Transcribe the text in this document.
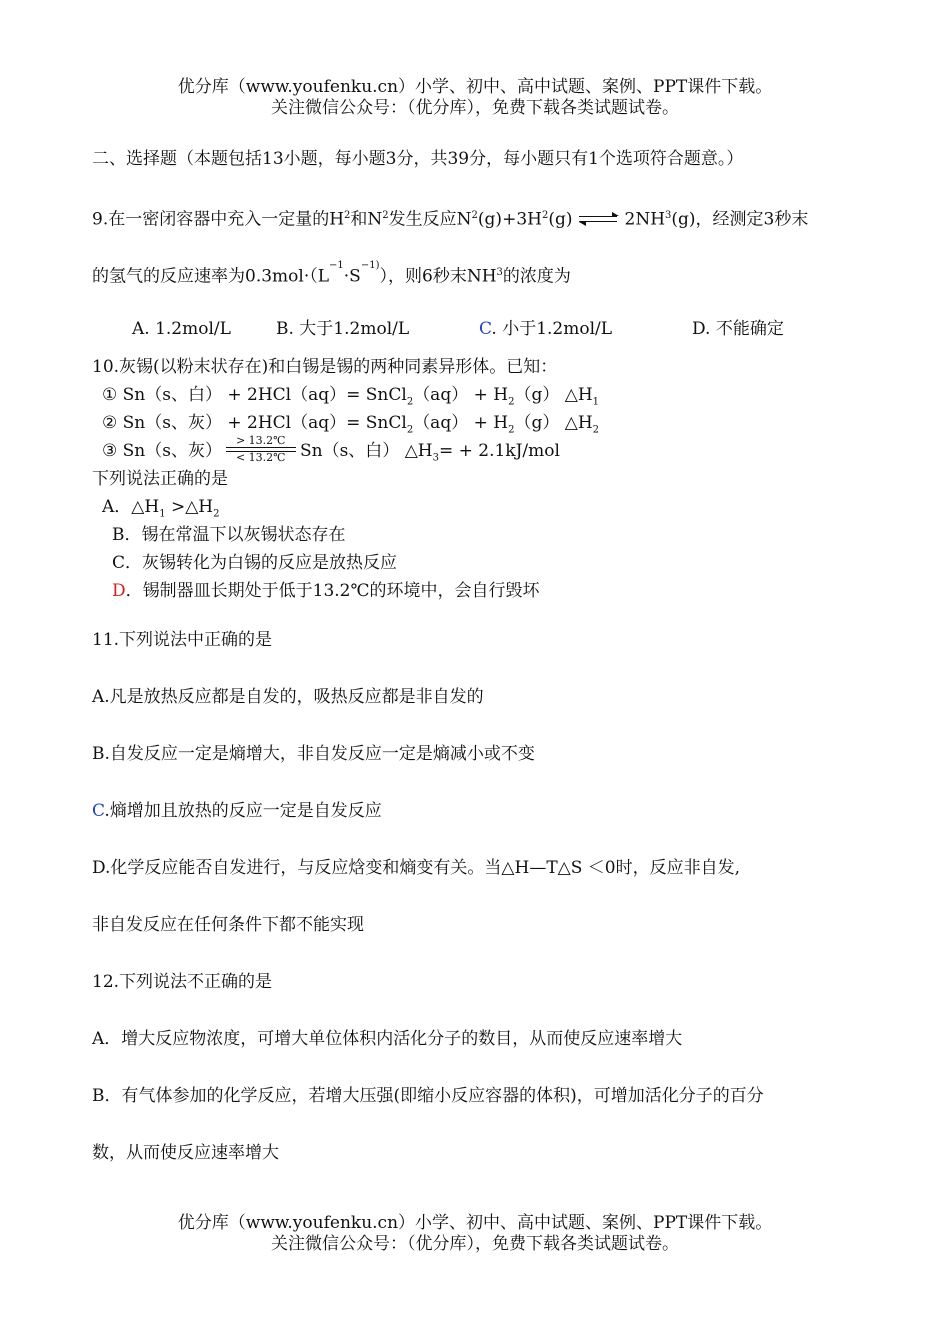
优分库（www.youfenku.cn）小学、初中、高中试题、案例、PPT课件下载。
关注微信公众号：（优分库），免费下载各类试题试卷。
二、选择题（本题包括13小题，每小题3分，共39分，每小题只有1个选项符合题意。）
9.在一密闭容器中充入一定量的$H^2$和$N^2$发生反应$N^2(g)+3H^2(g)$	$2NH^3(g)$，经测定3秒末
的氢气的反应速率为$0.3mol\cdot(L^{-1}\cdot S^{-1)})$，则6秒末$NH^3$的浓度为
A. 1.2mol/L	B. 大于1.2mol/L	C. 小于1.2mol/L	D. 不能确定
10.灰锡(以粉末状存在)和白锡是锡的两种同素异形体。已知：
① Sn（s、白） + 2HCl（aq）= SnCl$_2$（aq） + $H_2(g)$ $\triangle H_1$
② Sn（s、灰） + 2HCl（aq）= SnCl$_2$（aq） + $H_2(g)$ $\triangle H_2$
③ Sn（s、灰） $\frac{> 13.2℃}{< 13.2℃} Sn(s$、白） $\triangle H_3= + 2.1kJ/mol$
下列说法正确的是
A．$\triangle H_1$ $>\triangle H_2$
B．锡在常温下以灰锡状态存在
C．灰锡转化为白锡的反应是放热反应
D．锡制器皿长期处于低于13.2℃的环境中，会自行毁坏
11.下列说法中正确的是
A.凡是放热反应都是自发的，吸热反应都是非自发的
B.自发反应一定是熵增大，非自发反应一定是熵减小或不变
C.熵增加且放热的反应一定是自发反应
D.化学反应能否自发进行，与反应焓变和熵变有关。当△H—T△S ＜0时，反应非自发,
非自发反应在任何条件下都不能实现
12.下列说法不正确的是
A．增大反应物浓度，可增大单位体积内活化分子的数目，从而使反应速率增大
B．有气体参加的化学反应，若增大压强(即缩小反应容器的体积)，可增加活化分子的百分
数，从而使反应速率增大
优分库（www.youfenku.cn）小学、初中、高中试题、案例、PPT课件下载。
关注微信公众号：（优分库），免费下载各类试题试卷。
